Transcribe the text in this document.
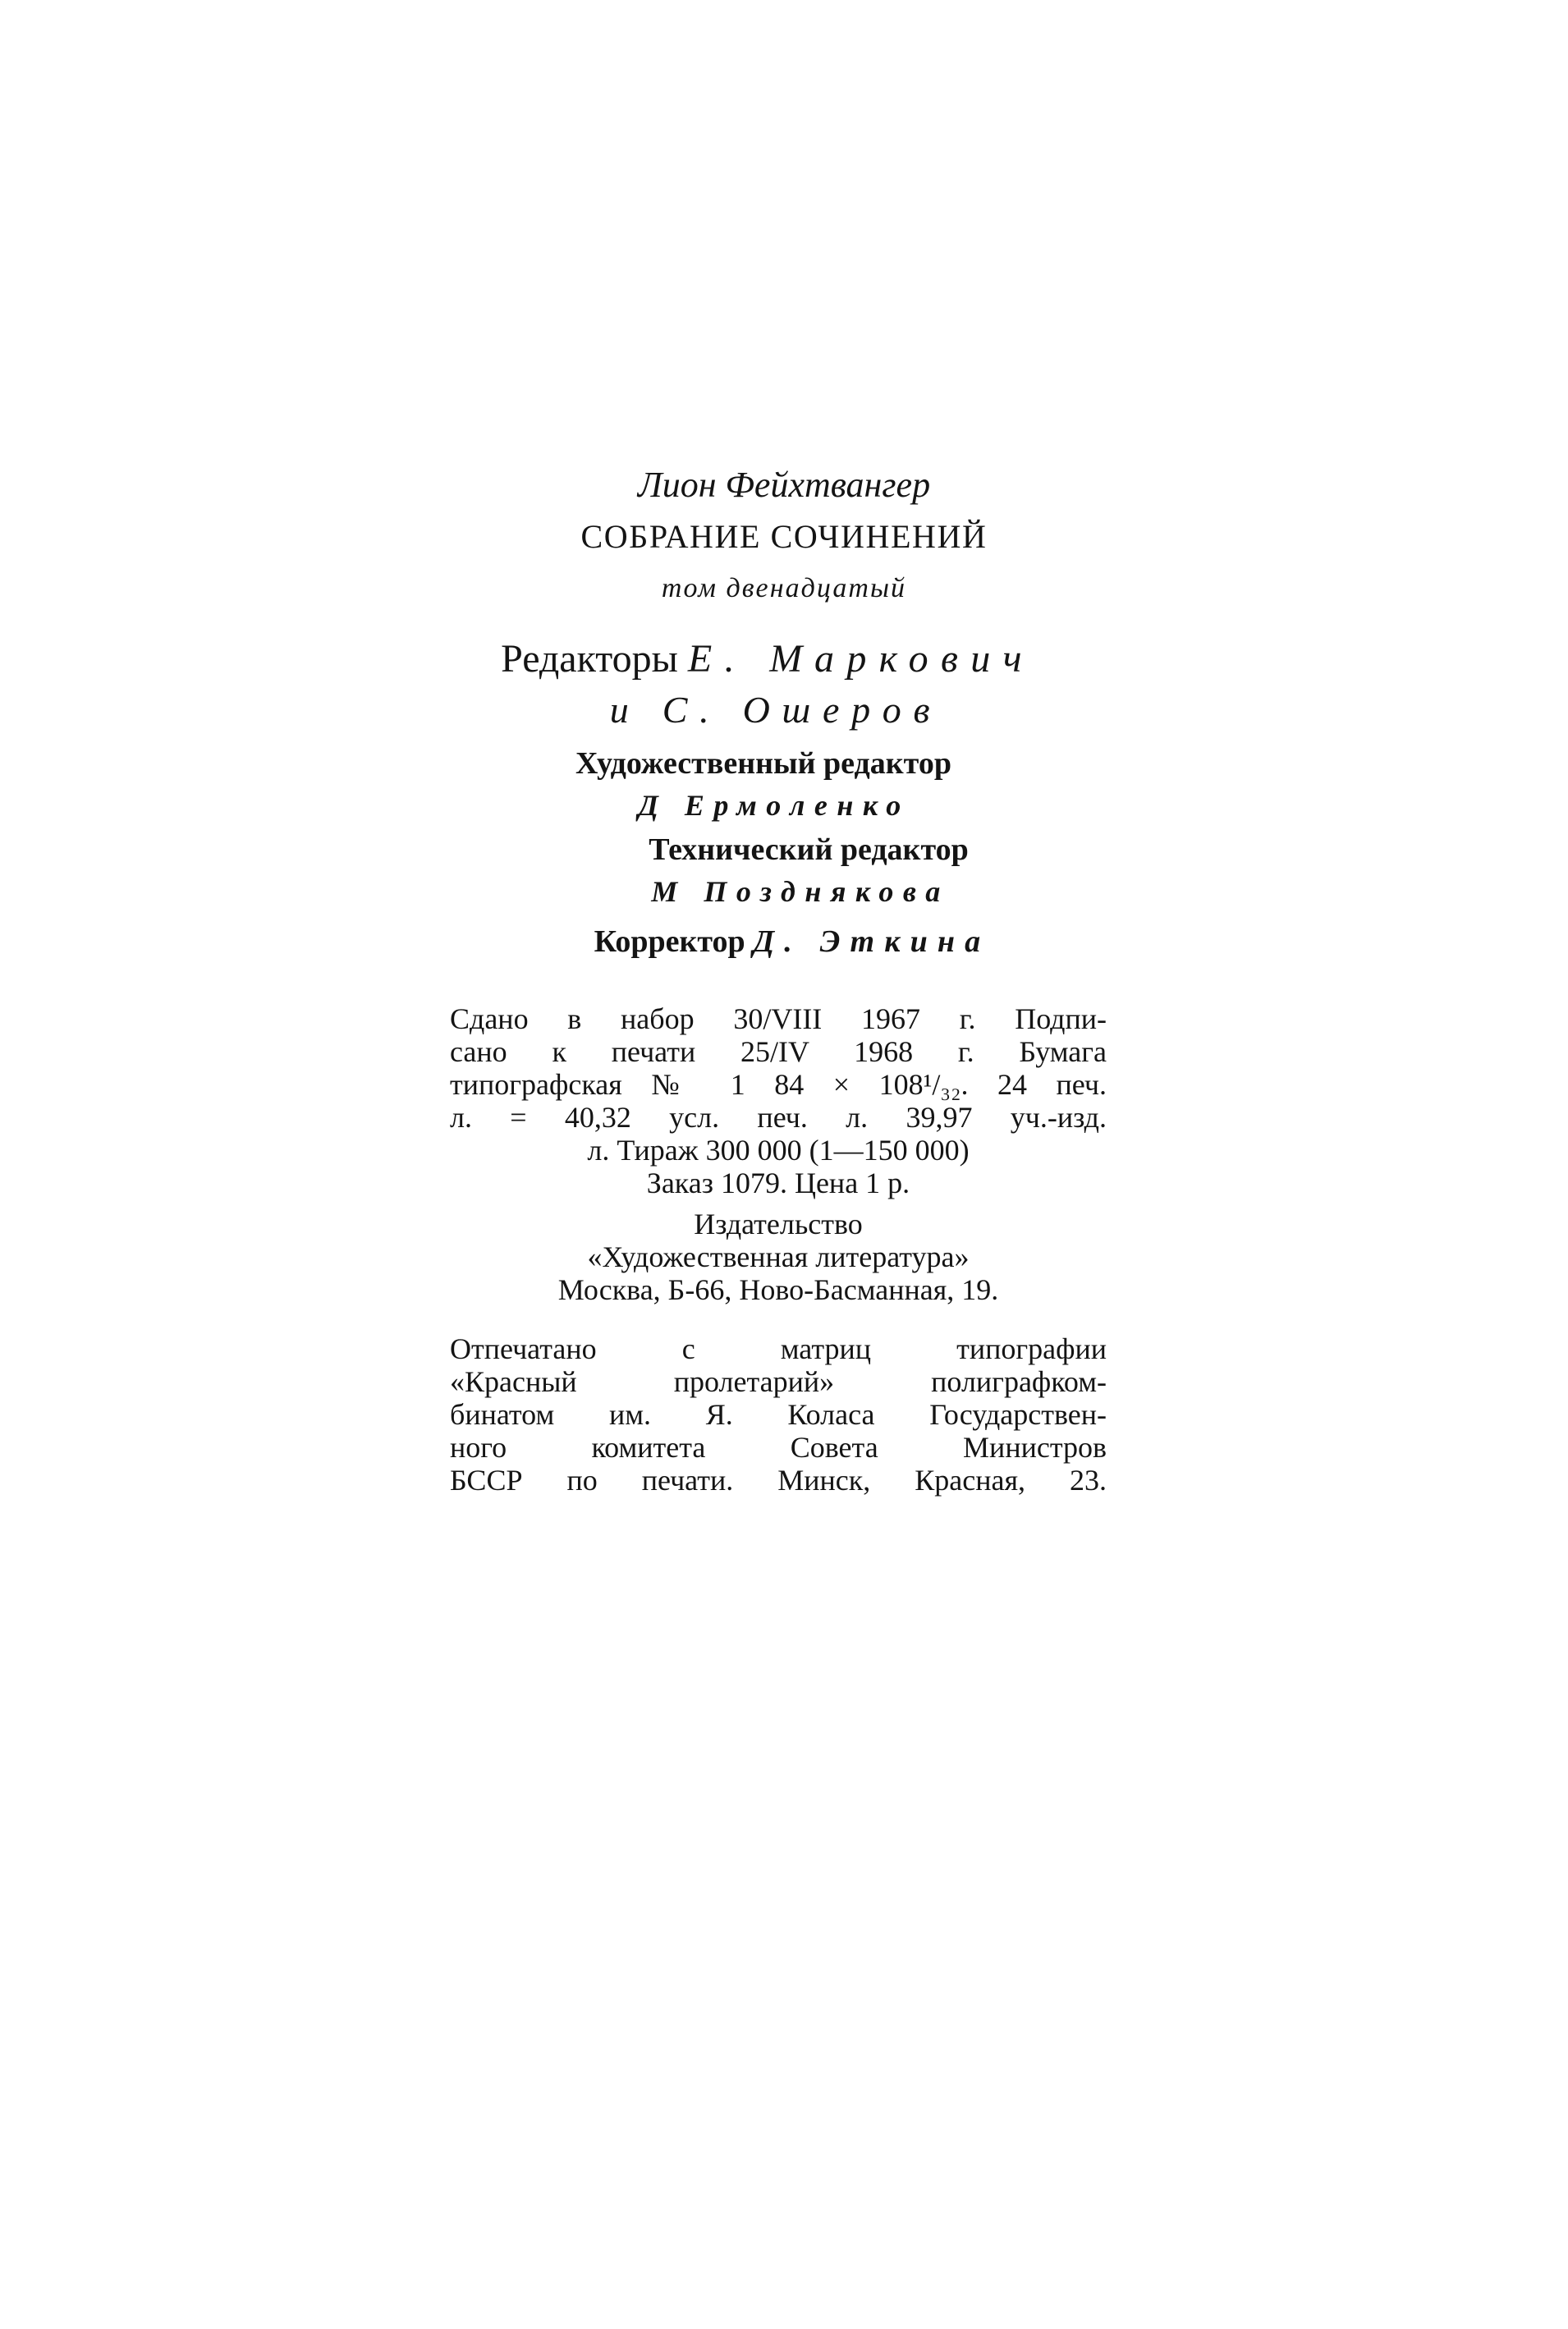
Лион Фейхтвангер
СОБРАНИЕ СОЧИНЕНИЙ
том двенадцатый
Редакторы Е. Маркович
и С. Ошеров
Художественный редактор
Д Ермоленко
Технический редактор
М Позднякова
Корректор Д. Эткина
Сдано в набор 30/VIII 1967 г. Подпи-
сано к печати 25/IV 1968 г. Бумага
типографская № 1 84 × 108¹/₃₂. 24 печ.
л. = 40,32 усл. печ. л. 39,97 уч.-изд.
л. Тираж 300 000 (1—150 000)
Заказ 1079. Цена 1 р.
Издательство
«Художественная литература»
Москва, Б-66, Ново-Басманная, 19.
Отпечатано с матриц типографии
«Красный пролетарий» полиграфком-
бинатом им. Я. Коласа Государствен-
ного комитета Совета Министров
БССР по печати. Минск, Красная, 23.
